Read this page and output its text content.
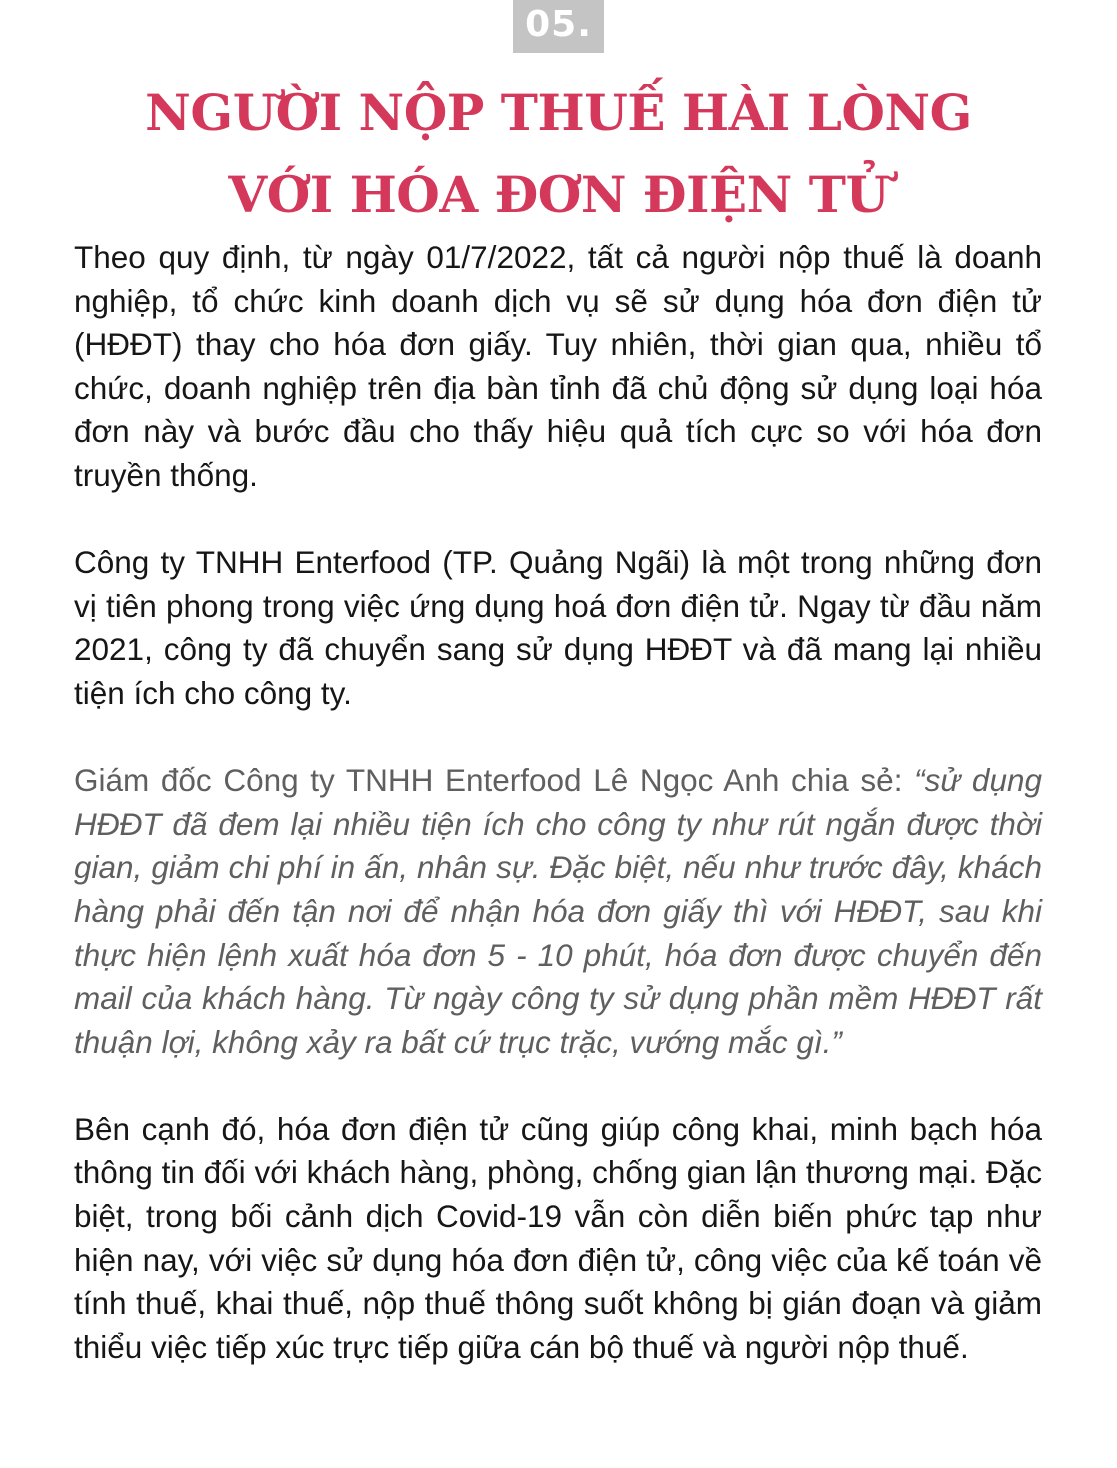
05.
NGƯỜI NỘP THUẾ HÀI LÒNG
VỚI HÓA ĐƠN ĐIỆN TỬ

Theo quy định, từ ngày 01/7/2022, tất cả người nộp thuế là doanh nghiệp, tổ chức kinh doanh dịch vụ sẽ sử dụng hóa đơn điện tử (HĐĐT) thay cho hóa đơn giấy. Tuy nhiên, thời gian qua, nhiều tổ chức, doanh nghiệp trên địa bàn tỉnh đã chủ động sử dụng loại hóa đơn này và bước đầu cho thấy hiệu quả tích cực so với hóa đơn truyền thống.

Công ty TNHH Enterfood (TP. Quảng Ngãi) là một trong những đơn vị tiên phong trong việc ứng dụng hoá đơn điện tử. Ngay từ đầu năm 2021, công ty đã chuyển sang sử dụng HĐĐT và đã mang lại nhiều tiện ích cho công ty.

Giám đốc Công ty TNHH Enterfood Lê Ngọc Anh chia sẻ: “sử dụng HĐĐT đã đem lại nhiều tiện ích cho công ty như rút ngắn được thời gian, giảm chi phí in ấn, nhân sự. Đặc biệt, nếu như trước đây, khách hàng phải đến tận nơi để nhận hóa đơn giấy thì với HĐĐT, sau khi thực hiện lệnh xuất hóa đơn 5 - 10 phút, hóa đơn được chuyển đến mail của khách hàng. Từ ngày công ty sử dụng phần mềm HĐĐT rất thuận lợi, không xảy ra bất cứ trục trặc, vướng mắc gì.”

Bên cạnh đó, hóa đơn điện tử cũng giúp công khai, minh bạch hóa thông tin đối với khách hàng, phòng, chống gian lận thương mại. Đặc biệt, trong bối cảnh dịch Covid-19 vẫn còn diễn biến phức tạp như hiện nay, với việc sử dụng hóa đơn điện tử, công việc của kế toán về tính thuế, khai thuế, nộp thuế thông suốt không bị gián đoạn và giảm thiểu việc tiếp xúc trực tiếp giữa cán bộ thuế và người nộp thuế.
